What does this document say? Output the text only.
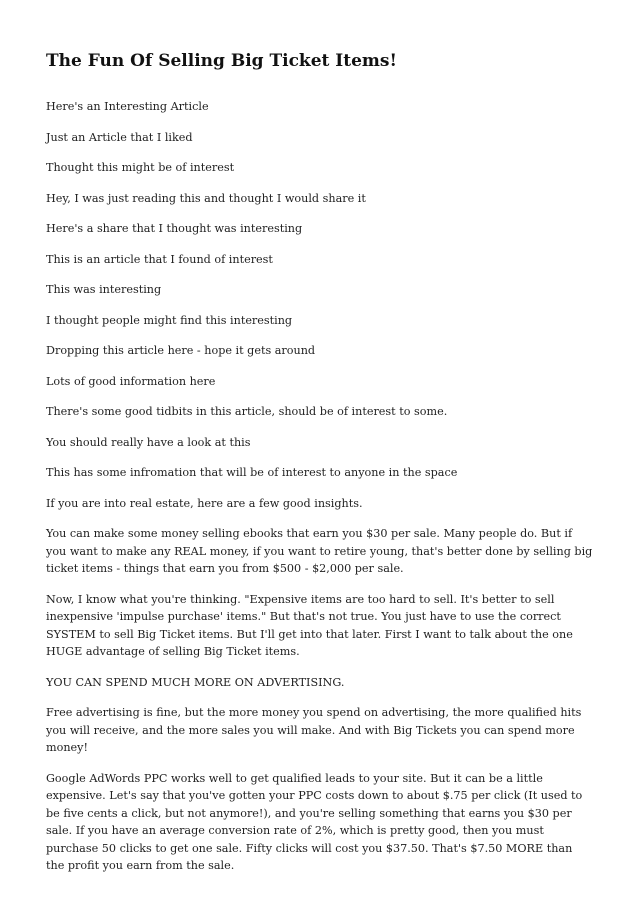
The Fun Of Selling Big Ticket Items!

Here's an Interesting Article

Just an Article that I liked

Thought this might be of interest

Hey, I was just reading this and thought I would share it

Here's a share that I thought was interesting

This is an article that I found of interest

This was interesting

I thought people might find this interesting

Dropping this article here - hope it gets around

Lots of good information here

There's some good tidbits in this article, should be of interest to some.

You should really have a look at this

This has some infromation that will be of interest to anyone in the space

If you are into real estate, here are a few good insights.

You can make some money selling ebooks that earn you $30 per sale. Many people do. But if you want to make any REAL money, if you want to retire young, that's better done by selling big ticket items - things that earn you from $500 - $2,000 per sale.

Now, I know what you're thinking. "Expensive items are too hard to sell. It's better to sell inexpensive 'impulse purchase' items." But that's not true. You just have to use the correct SYSTEM to sell Big Ticket items. But I'll get into that later. First I want to talk about the one HUGE advantage of selling Big Ticket items.

YOU CAN SPEND MUCH MORE ON ADVERTISING.

Free advertising is fine, but the more money you spend on advertising, the more qualified hits you will receive, and the more sales you will make. And with Big Tickets you can spend more money!

Google AdWords PPC works well to get qualified leads to your site. But it can be a little expensive. Let's say that you've gotten your PPC costs down to about $.75 per click (It used to be five cents a click, but not anymore!), and you're selling something that earns you $30 per sale. If you have an average conversion rate of 2%, which is pretty good, then you must purchase 50 clicks to get one sale. Fifty clicks will cost you $37.50. That's $7.50 MORE than the profit you earn from the sale.
